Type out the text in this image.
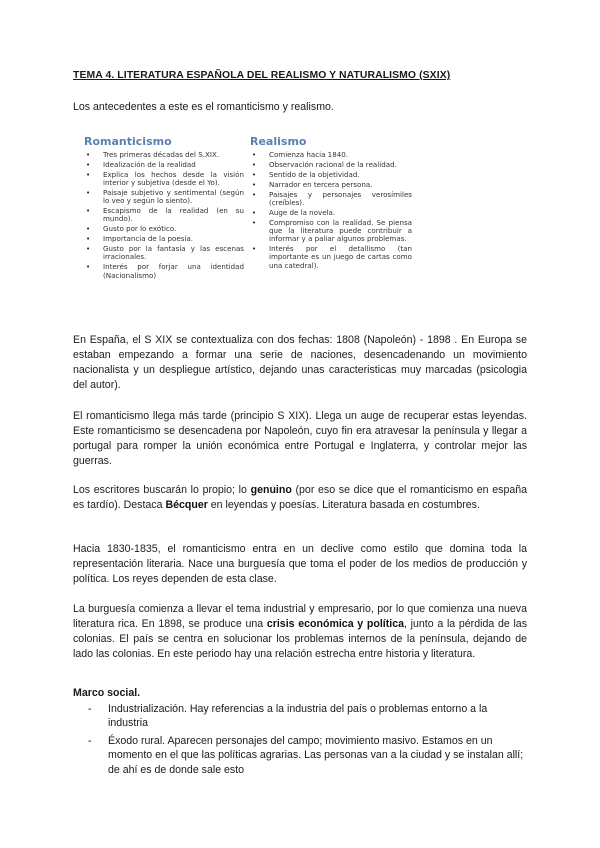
TEMA 4. LITERATURA ESPAÑOLA DEL REALISMO Y NATURALISMO (SXIX)
Los antecedentes a este es el romanticismo y realismo.
Romanticismo
• Tres primeras décadas del S.XIX.
• Idealización de la realidad
• Explica los hechos desde la visión interior y subjetiva (desde el Yo).
• Paisaje subjetivo y sentimental (según lo veo y según lo siento).
• Escapismo de la realidad (en su mundo).
• Gusto por lo exótico.
• Importancia de la poesía.
• Gusto por la fantasía y las escenas irracionales.
• Interés por forjar una identidad (Nacionalismo)
Realismo
• Comienza hacia 1840.
• Observación racional de la realidad.
• Sentido de la objetividad.
• Narrador en tercera persona.
• Paisajes y personajes verosímiles (creíbles).
• Auge de la novela.
• Compromiso con la realidad. Se piensa que la literatura puede contribuir a informar y a paliar algunos problemas.
• Interés por el detallismo (tan importante es un juego de cartas como una catedral).
En España, el S XIX se contextualiza con dos fechas: 1808 (Napoleón) - 1898 . En Europa se estaban empezando a formar una serie de naciones, desencadenando un movimiento nacionalista y un despliegue artístico, dejando unas caracteristicas muy marcadas (psicologia del autor).
El romanticismo llega más tarde (principio S XIX). Llega un auge de recuperar estas leyendas. Este romanticismo se desencadena por Napoleón, cuyo fin era atravesar la península y llegar a portugal para romper la unión económica entre Portugal e Inglaterra, y controlar mejor las guerras.
Los escritores buscarán lo propio; lo genuino (por eso se dice que el romanticismo en españa es tardío). Destaca Bécquer en leyendas y poesías. Literatura basada en costumbres.
Hacia 1830-1835, el romanticismo entra en un declive como estilo que domina toda la representación literaria. Nace una burguesía que toma el poder de los medios de producción y política. Los reyes dependen de esta clase.
La burguesía comienza a llevar el tema industrial y empresario, por lo que comienza una nueva literatura rica. En 1898, se produce una crisis económica y política, junto a la pérdida de las colonias. El país se centra en solucionar los problemas internos de la península, dejando de lado las colonias. En este periodo hay una relación estrecha entre historia y literatura.
Marco social.
- Industrialización. Hay referencias a la industria del país o problemas entorno a la industria
- Éxodo rural. Aparecen personajes del campo; movimiento masivo. Estamos en un momento en el que las políticas agrarias. Las personas van a la ciudad y se instalan allí; de ahí es de donde sale esto
